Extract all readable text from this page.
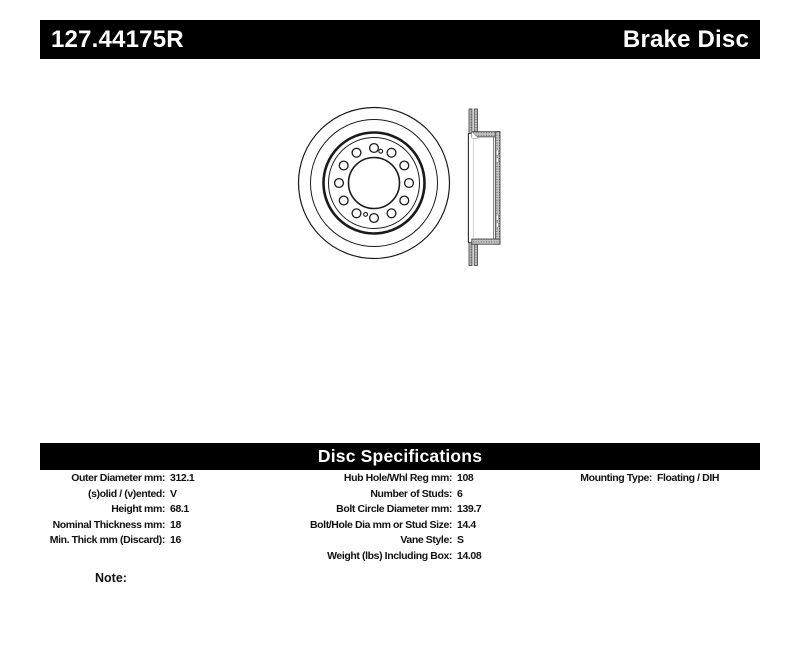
127.44175R	Brake Disc
Disc Specifications
Outer Diameter mm: 312.1
(s)olid / (v)ented: V
Height mm: 68.1
Nominal Thickness mm: 18
Min. Thick mm (Discard): 16
Hub Hole/Whl Reg mm: 108
Number of Studs: 6
Bolt Circle Diameter mm: 139.7
Bolt/Hole Dia mm or Stud Size: 14.4
Vane Style: S
Weight (lbs) Including Box: 14.08
Mounting Type: Floating / DIH
Note:
